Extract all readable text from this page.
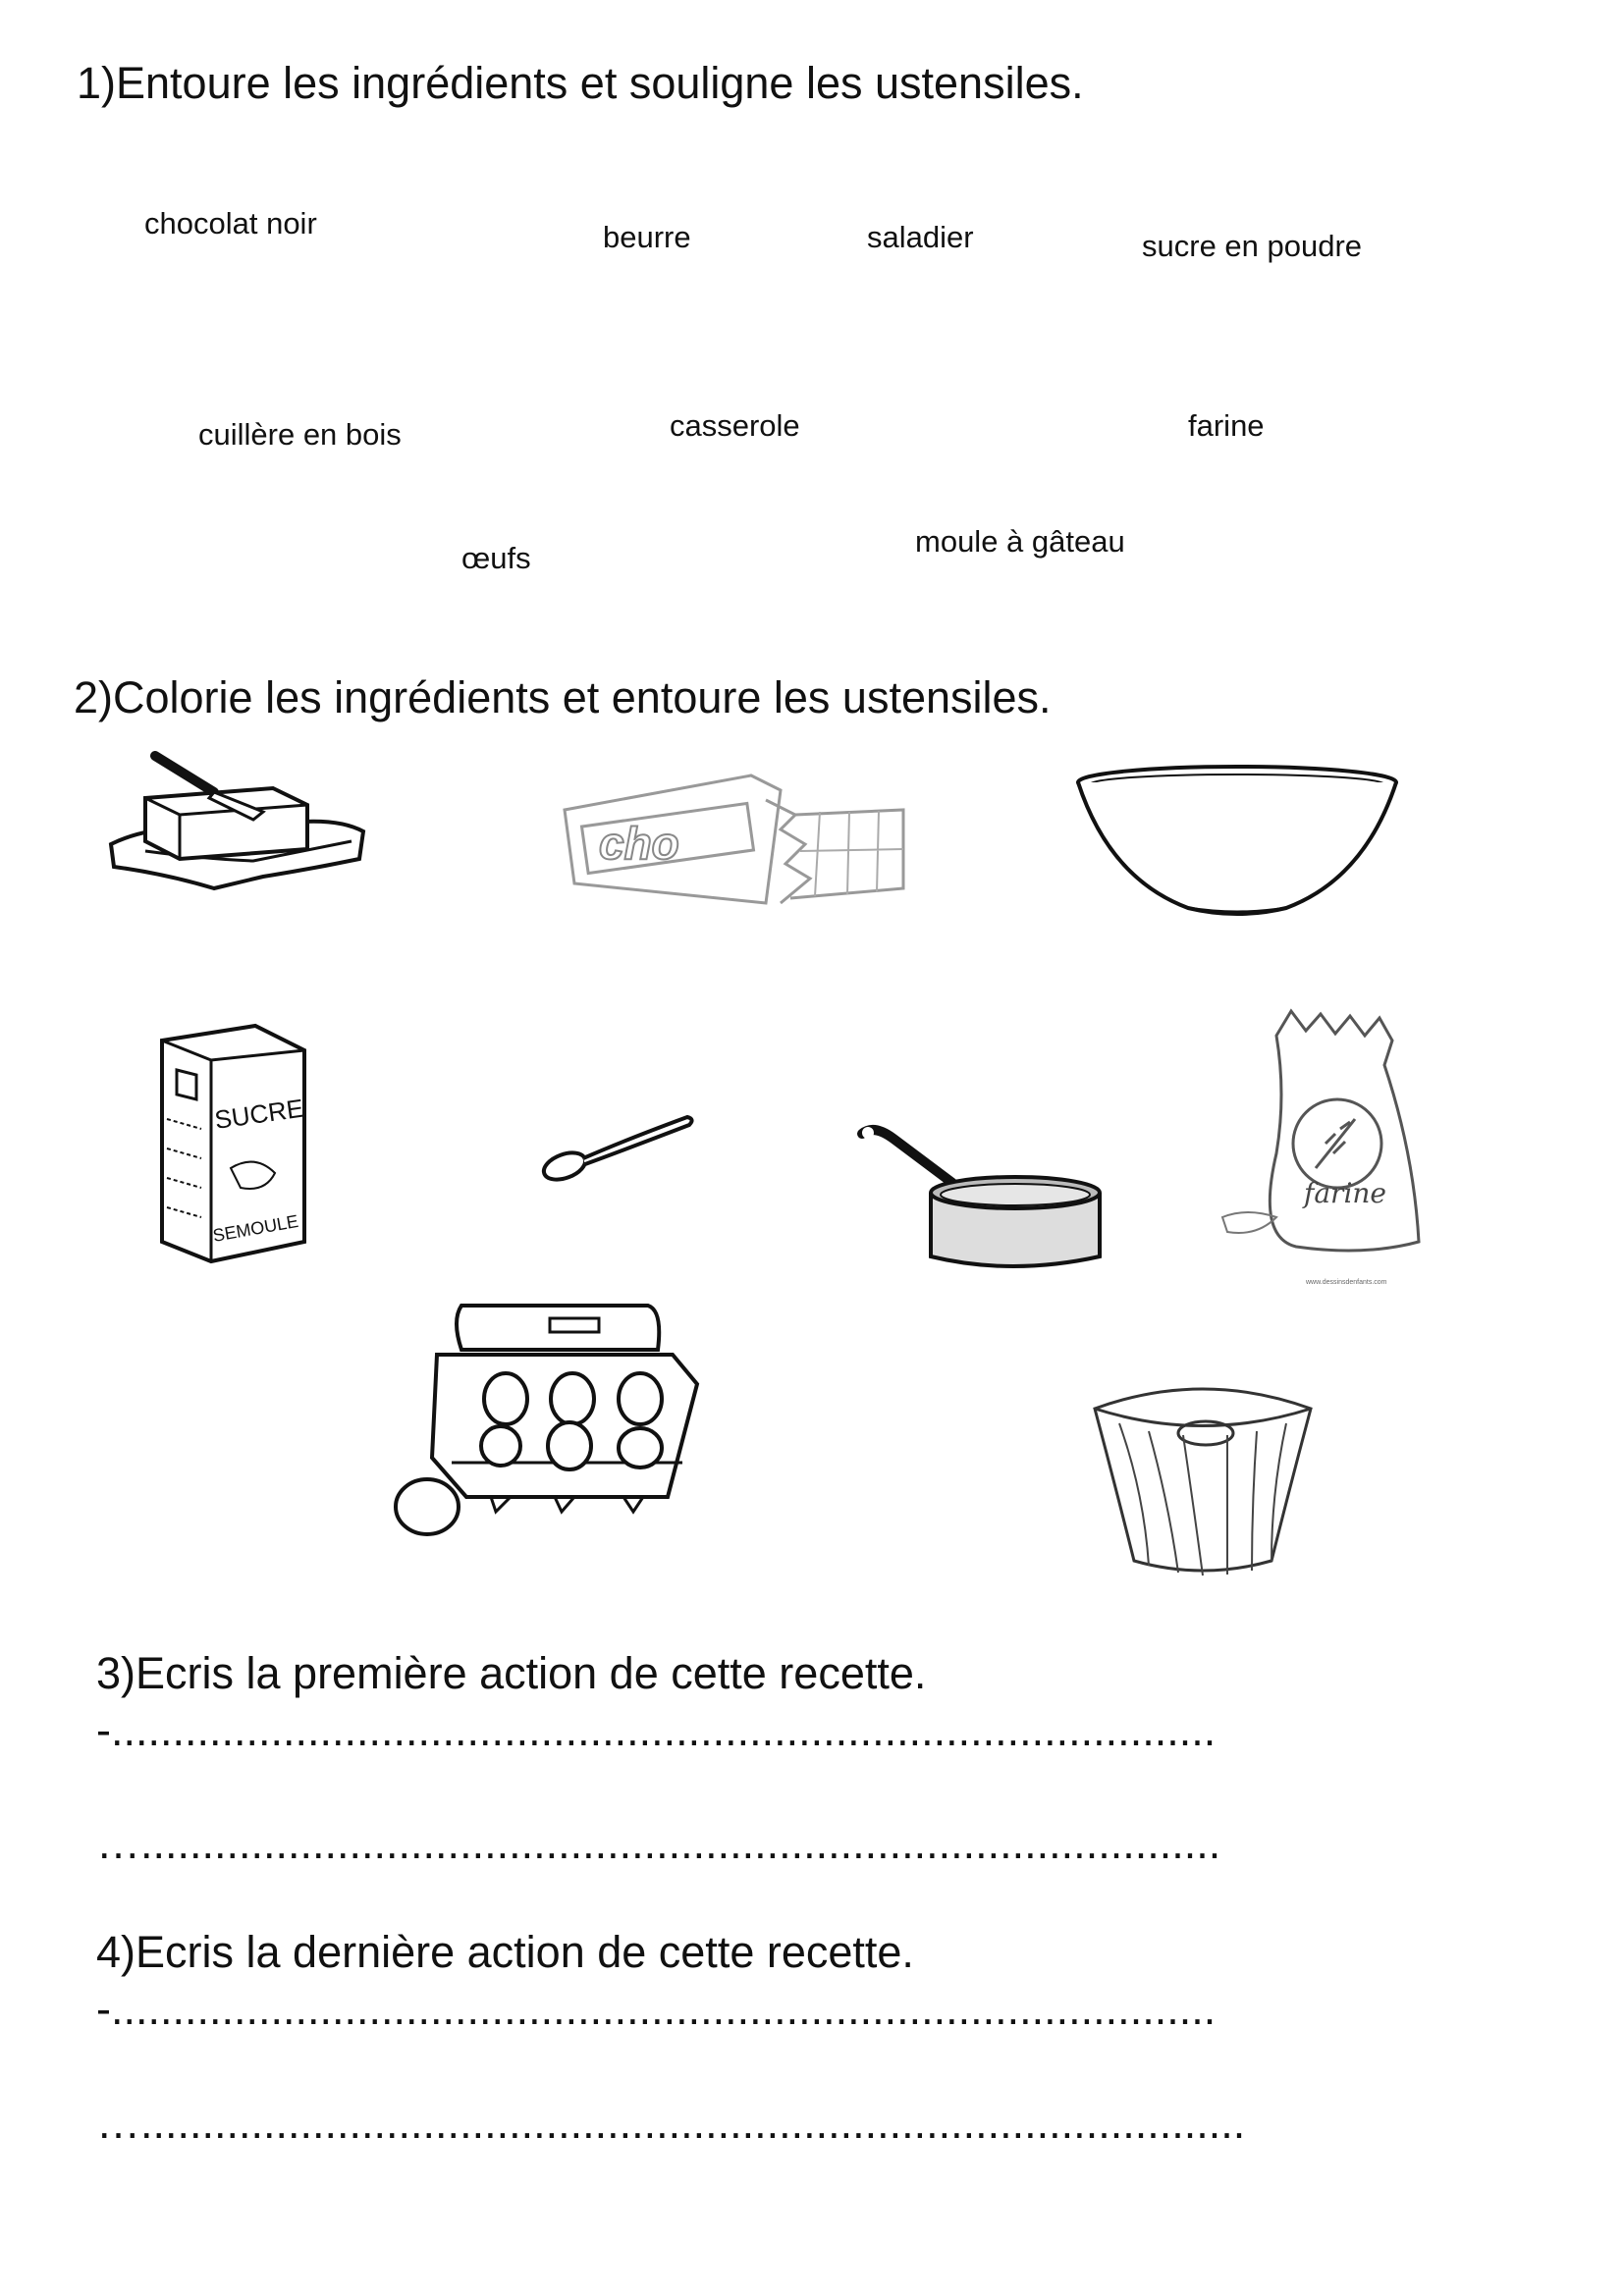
1)Entoure les ingrédients et souligne les ustensiles.
chocolat noir	beurre	saladier	sucre en poudre
cuillère en bois	casserole	farine
œufs	moule à gâteau
2)Colorie les ingrédients et entoure les ustensiles.
cho
SUCRE
SEMOULE
farine
www.dessinsdenfants.com
3)Ecris la première action de cette recette.
-..........................................................................................
…........................................................................................
4)Ecris la dernière action de cette recette.
-..........................................................................................
…..........................................................................................
